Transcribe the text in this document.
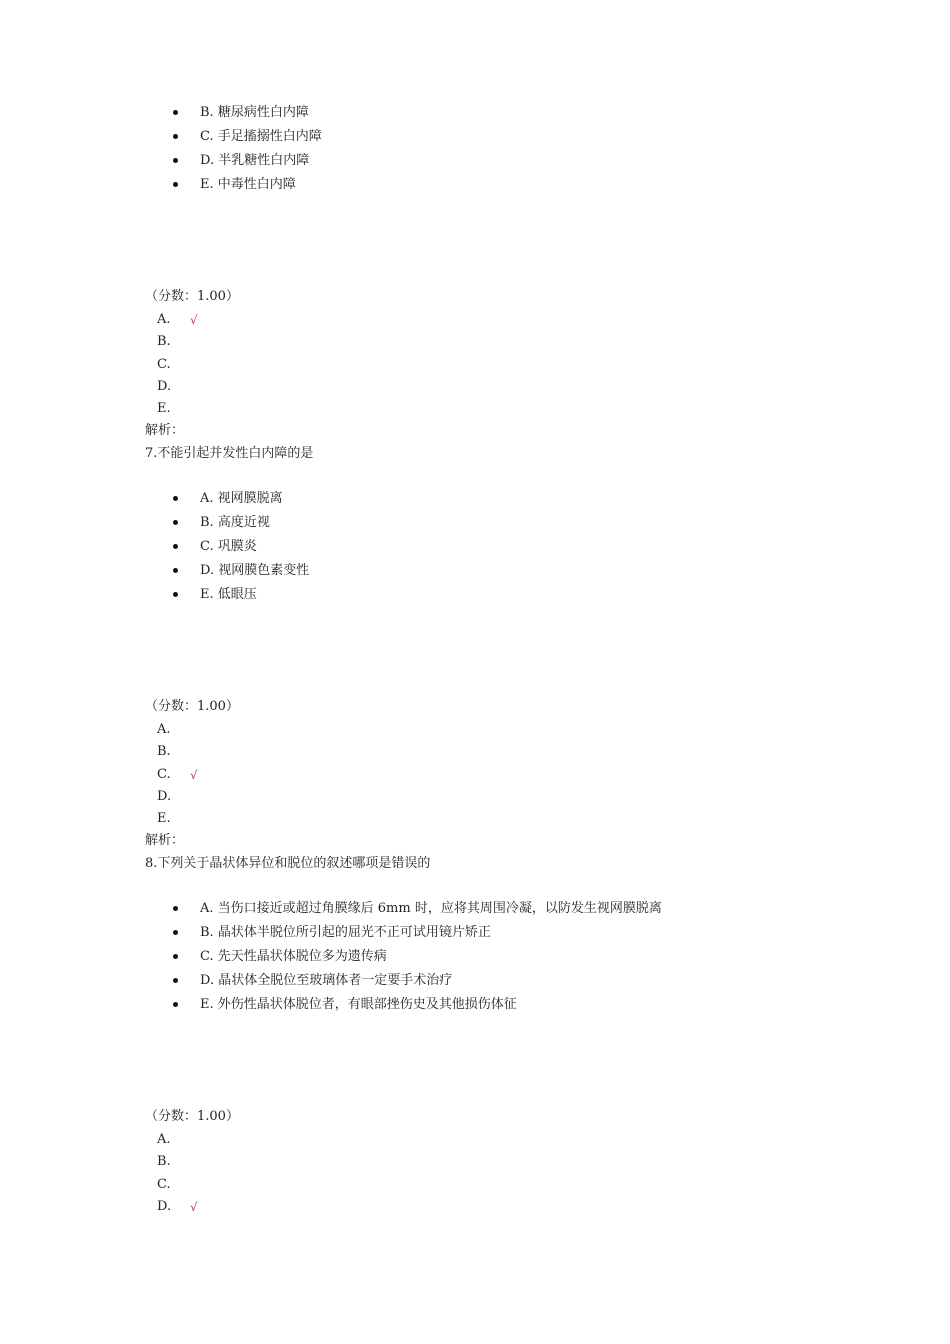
B. 糖尿病性白内障
C. 手足搐搦性白内障
D. 半乳糖性白内障
E. 中毒性白内障
（分数：1.00）
A. √
B.
C.
D.
E.
解析：
7.不能引起并发性白内障的是
A. 视网膜脱离
B. 高度近视
C. 巩膜炎
D. 视网膜色素变性
E. 低眼压
（分数：1.00）
A.
B.
C. √
D.
E.
解析：
8.下列关于晶状体异位和脱位的叙述哪项是错误的
A. 当伤口接近或超过角膜缘后 6mm 时，应将其周围冷凝，以防发生视网膜脱离
B. 晶状体半脱位所引起的屈光不正可试用镜片矫正
C. 先天性晶状体脱位多为遗传病
D. 晶状体全脱位至玻璃体者一定要手术治疗
E. 外伤性晶状体脱位者，有眼部挫伤史及其他损伤体征
（分数：1.00）
A.
B.
C.
D. √
